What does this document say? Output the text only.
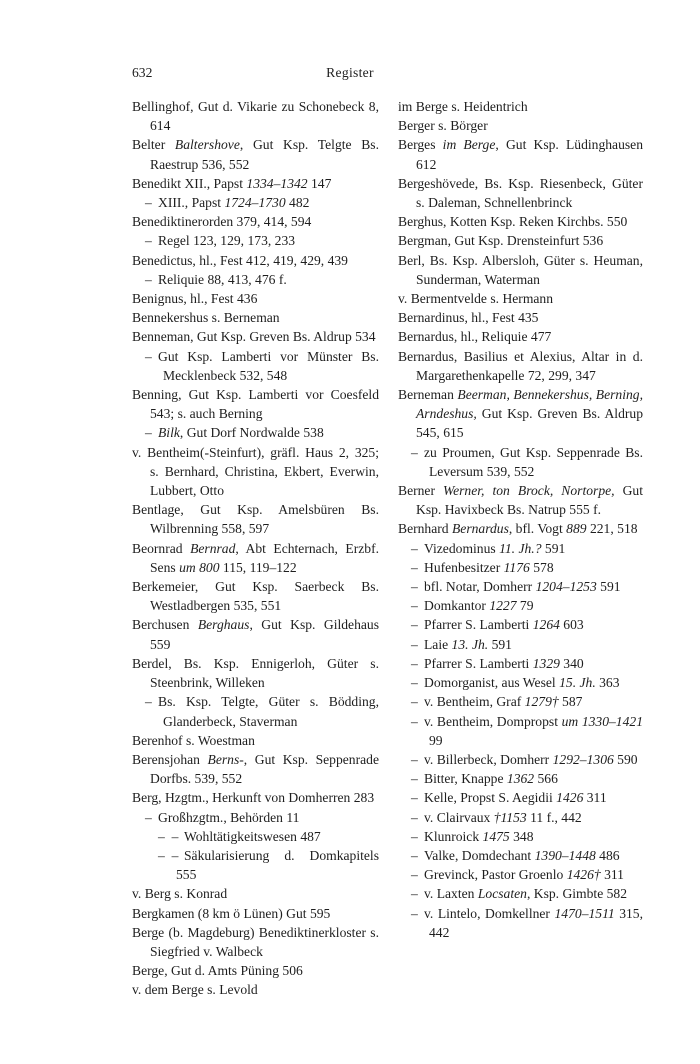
632	Register

Bellinghof, Gut d. Vikarie zu Schonebeck 8, 614

Belter Baltershove, Gut Ksp. Telgte Bs. Raestrup 536, 552

Benedikt XII., Papst 1334–1342 147

– XIII., Papst 1724–1730 482

Benediktinerorden 379, 414, 594

– Regel 123, 129, 173, 233

Benedictus, hl., Fest 412, 419, 429, 439

– Reliquie 88, 413, 476 f.

Benignus, hl., Fest 436

Bennekershus s. Berneman

Benneman, Gut Ksp. Greven Bs. Aldrup 534

– Gut Ksp. Lamberti vor Münster Bs. Mecklenbeck 532, 548

Benning, Gut Ksp. Lamberti vor Coesfeld 543; s. auch Berning

– Bilk, Gut Dorf Nordwalde 538

v. Bentheim(-Steinfurt), gräfl. Haus 2, 325; s. Bernhard, Christina, Ekbert, Everwin, Lubbert, Otto

Bentlage, Gut Ksp. Amelsbüren Bs. Wilbrenning 558, 597

Beornrad Bernrad, Abt Echternach, Erzbf. Sens um 800 115, 119–122

Berkemeier, Gut Ksp. Saerbeck Bs. Westladbergen 535, 551

Berchusen Berghaus, Gut Ksp. Gildehaus 559

Berdel, Bs. Ksp. Ennigerloh, Güter s. Steenbrink, Willeken

– Bs. Ksp. Telgte, Güter s. Bödding, Glanderbeck, Staverman

Berenhof s. Woestman

Berensjohan Berns-, Gut Ksp. Seppenrade Dorfbs. 539, 552

Berg, Hzgtm., Herkunft von Domherren 283

– Großhzgtm., Behörden 11

–  – Wohltätigkeitswesen 487

–  – Säkularisierung d. Domkapitels 555

v. Berg s. Konrad

Bergkamen (8 km ö Lünen) Gut 595

Berge (b. Magdeburg) Benediktinerkloster s. Siegfried v. Walbeck

Berge, Gut d. Amts Püning 506

v. dem Berge s. Levold

im Berge s. Heidentrich

Berger s. Börger

Berges im Berge, Gut Ksp. Lüdinghausen 612

Bergeshövede, Bs. Ksp. Riesenbeck, Güter s. Daleman, Schnellenbrinck

Berghus, Kotten Ksp. Reken Kirchbs. 550

Bergman, Gut Ksp. Drensteinfurt 536

Berl, Bs. Ksp. Albersloh, Güter s. Heuman, Sunderman, Waterman

v. Bermentvelde s. Hermann

Bernardinus, hl., Fest 435

Bernardus, hl., Reliquie 477

Bernardus, Basilius et Alexius, Altar in d. Margarethenkapelle 72, 299, 347

Berneman Beerman, Bennekershus, Berning, Arndeshus, Gut Ksp. Greven Bs. Aldrup 545, 615

– zu Proumen, Gut Ksp. Seppenrade Bs. Leversum 539, 552

Berner Werner, ton Brock, Nortorpe, Gut Ksp. Havixbeck Bs. Natrup 555 f.

Bernhard Bernardus, bfl. Vogt 889 221, 518

– Vizedominus 11. Jh.? 591

– Hufenbesitzer 1176 578

– bfl. Notar, Domherr 1204–1253 591

– Domkantor 1227 79

– Pfarrer S. Lamberti 1264 603

– Laie 13. Jh. 591

– Pfarrer S. Lamberti 1329 340

– Domorganist, aus Wesel 15. Jh. 363

– v. Bentheim, Graf 1279† 587

– v. Bentheim, Dompropst um 1330–1421 99

– v. Billerbeck, Domherr 1292–1306 590

– Bitter, Knappe 1362 566

– Kelle, Propst S. Aegidii 1426 311

– v. Clairvaux †1153 11 f., 442

– Klunroick 1475 348

– Valke, Domdechant 1390–1448 486

– Grevinck, Pastor Groenlo 1426† 311

– v. Laxten Locsaten, Ksp. Gimbte 582

– v. Lintelo, Domkellner 1470–1511 315, 442
